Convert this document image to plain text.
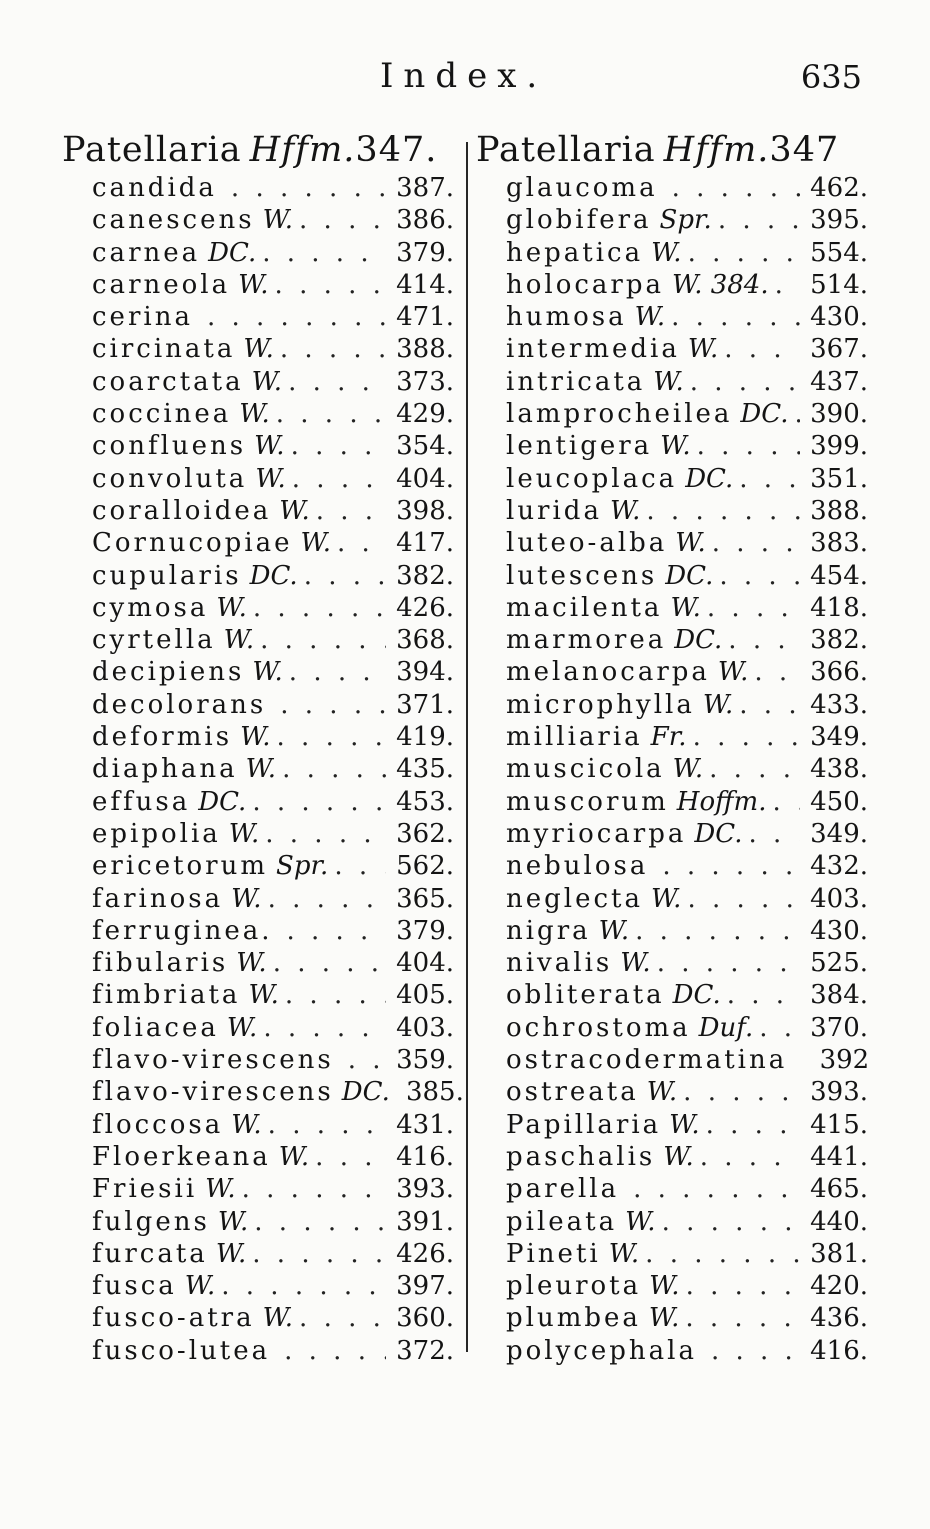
Index.	635
Patellaria Hffm.347.
candida . . .	387.
canescens W. . . .	386.
carnea DC. . . .	379.
carneola W. . . .	414.
cerina . . .	471.
circinata W. . . .	388.
coarctata W. . . .	373.
coccinea W. . . .	429.
confluens W. . . .	354.
convoluta W. . . .	404.
coralloidea W. . . .	398.
Cornucopiae W. . . .	417.
cupularis DC. . . .	382.
cymosa W. . . .	426.
cyrtella W. . . .	368.
decipiens W. . . .	394.
decolorans . . .	371.
deformis W. . . .	419.
diaphana W. . . .	435.
effusa DC. . . .	453.
epipolia W. . . .	362.
ericetorum Spr. . . .	562.
farinosa W. . . .	365.
ferruginea. . . .	379.
fibularis W. . . .	404.
fimbriata W. . . .	405.
foliacea W. . . .	403.
flavo-virescens . . . 359.
flavo-virescens DC. 385.
floccosa W. . . .	431.
Floerkeana W. . . .	416.
Friesii W. . . .	393.
fulgens W. . . .	391.
furcata W. . . .	426.
fusca W. . . .	397.
fusco-atra W. . . .	360.
fusco-lutea . . .	372.
Patellaria Hffm.347
glaucoma . . .	462.
globifera Spr. . . .	395.
hepatica W. . . .	554.
holocarpa W. 384. . . . 514.
humosa W. . . .	430.
intermedia W. . . .	367.
intricata W. . . .	437.
lamprocheilea DC. . . . 390.
lentigera W. . . .	399.
leucoplaca DC. . . .	351.
lurida W. . . .	388.
luteo-alba W. . . .	383.
lutescens DC. . . .	454.
macilenta W. . . .	418.
marmorea DC. . . .	382.
melanocarpa W. . . . 366.
microphylla W. . . .	433.
milliaria Fr. . . .	349.
muscicola W. . . .	438.
muscorum Hoffm. . . . 450.
myriocarpa DC. . . .	349.
nebulosa . . .	432.
neglecta W. . . .	403.
nigra W. . . .	430.
nivalis W. . . .	525.
obliterata DC. . . .	384.
ochrostoma Duf. . . . 370.
ostracodermatina	392
ostreata W. . . .	393.
Papillaria W. . . .	415.
paschalis W. . . .	441.
parella . . .	465.
pileata W. . . .	440.
Pineti W. . . .	381.
pleurota W. . . .	420.
plumbea W. . . .	436.
polycephala . . .	416.
